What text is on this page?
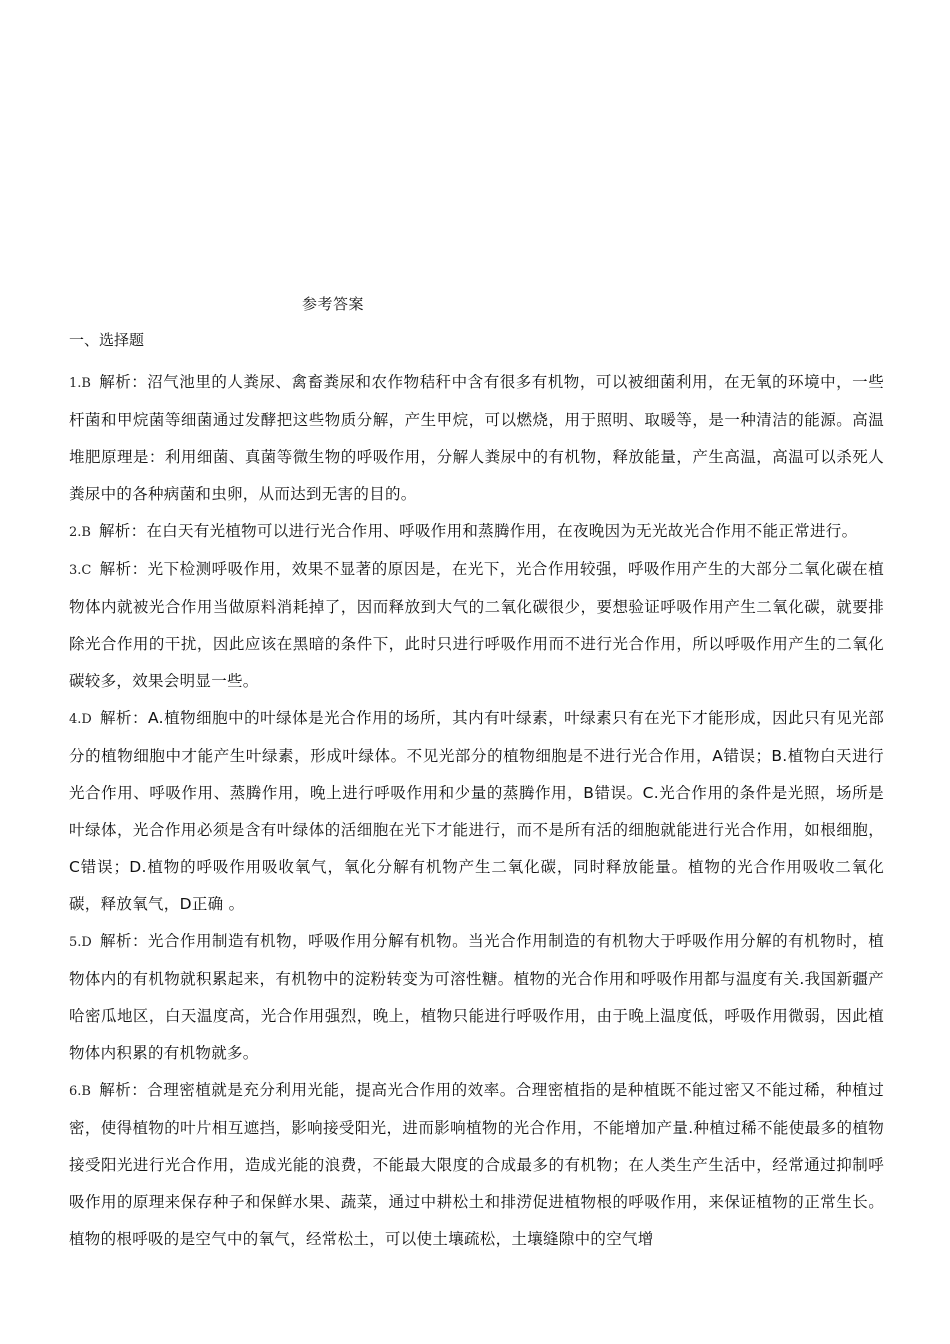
参考答案
一、选择题

1.B 解析：沼气池里的人粪尿、禽畜粪尿和农作物秸秆中含有很多有机物，可以被细菌利用，在无氧的环境中，一些杆菌和甲烷菌等细菌通过发酵把这些物质分解，产生甲烷，可以燃烧，用于照明、取暖等，是一种清洁的能源。高温堆肥原理是：利用细菌、真菌等微生物的呼吸作用，分解人粪尿中的有机物，释放能量，产生高温，高温可以杀死人粪尿中的各种病菌和虫卵，从而达到无害的目的。

2.B 解析：在白天有光植物可以进行光合作用、呼吸作用和蒸腾作用，在夜晚因为无光故光合作用不能正常进行。

3.C 解析：光下检测呼吸作用，效果不显著的原因是，在光下，光合作用较强，呼吸作用产生的大部分二氧化碳在植物体内就被光合作用当做原料消耗掉了，因而释放到大气的二氧化碳很少，要想验证呼吸作用产生二氧化碳，就要排除光合作用的干扰，因此应该在黑暗的条件下，此时只进行呼吸作用而不进行光合作用，所以呼吸作用产生的二氧化碳较多，效果会明显一些。

4.D 解析：A.植物细胞中的叶绿体是光合作用的场所，其内有叶绿素，叶绿素只有在光下才能形成，因此只有见光部分的植物细胞中才能产生叶绿素，形成叶绿体。不见光部分的植物细胞是不进行光合作用，A错误；B.植物白天进行光合作用、呼吸作用、蒸腾作用，晚上进行呼吸作用和少量的蒸腾作用，B错误。C.光合作用的条件是光照，场所是叶绿体，光合作用必须是含有叶绿体的活细胞在光下才能进行，而不是所有活的细胞就能进行光合作用，如根细胞，C错误；D.植物的呼吸作用吸收氧气，氧化分解有机物产生二氧化碳，同时释放能量。植物的光合作用吸收二氧化碳，释放氧气，D正确 。

5.D 解析：光合作用制造有机物，呼吸作用分解有机物。当光合作用制造的有机物大于呼吸作用分解的有机物时，植物体内的有机物就积累起来，有机物中的淀粉转变为可溶性糖。植物的光合作用和呼吸作用都与温度有关.我国新疆产哈密瓜地区，白天温度高，光合作用强烈，晚上，植物只能进行呼吸作用，由于晚上温度低，呼吸作用微弱，因此植物体内积累的有机物就多。

6.B 解析：合理密植就是充分利用光能，提高光合作用的效率。合理密植指的是种植既不能过密又不能过稀，种植过密，使得植物的叶片相互遮挡，影响接受阳光，进而影响植物的光合作用，不能增加产量.种植过稀不能使最多的植物接受阳光进行光合作用，造成光能的浪费，不能最大限度的合成最多的有机物；在人类生产生活中，经常通过抑制呼吸作用的原理来保存种子和保鲜水果、蔬菜，通过中耕松土和排涝促进植物根的呼吸作用，来保证植物的正常生长。植物的根呼吸的是空气中的氧气，经常松土，可以使土壤疏松，土壤缝隙中的空气增
